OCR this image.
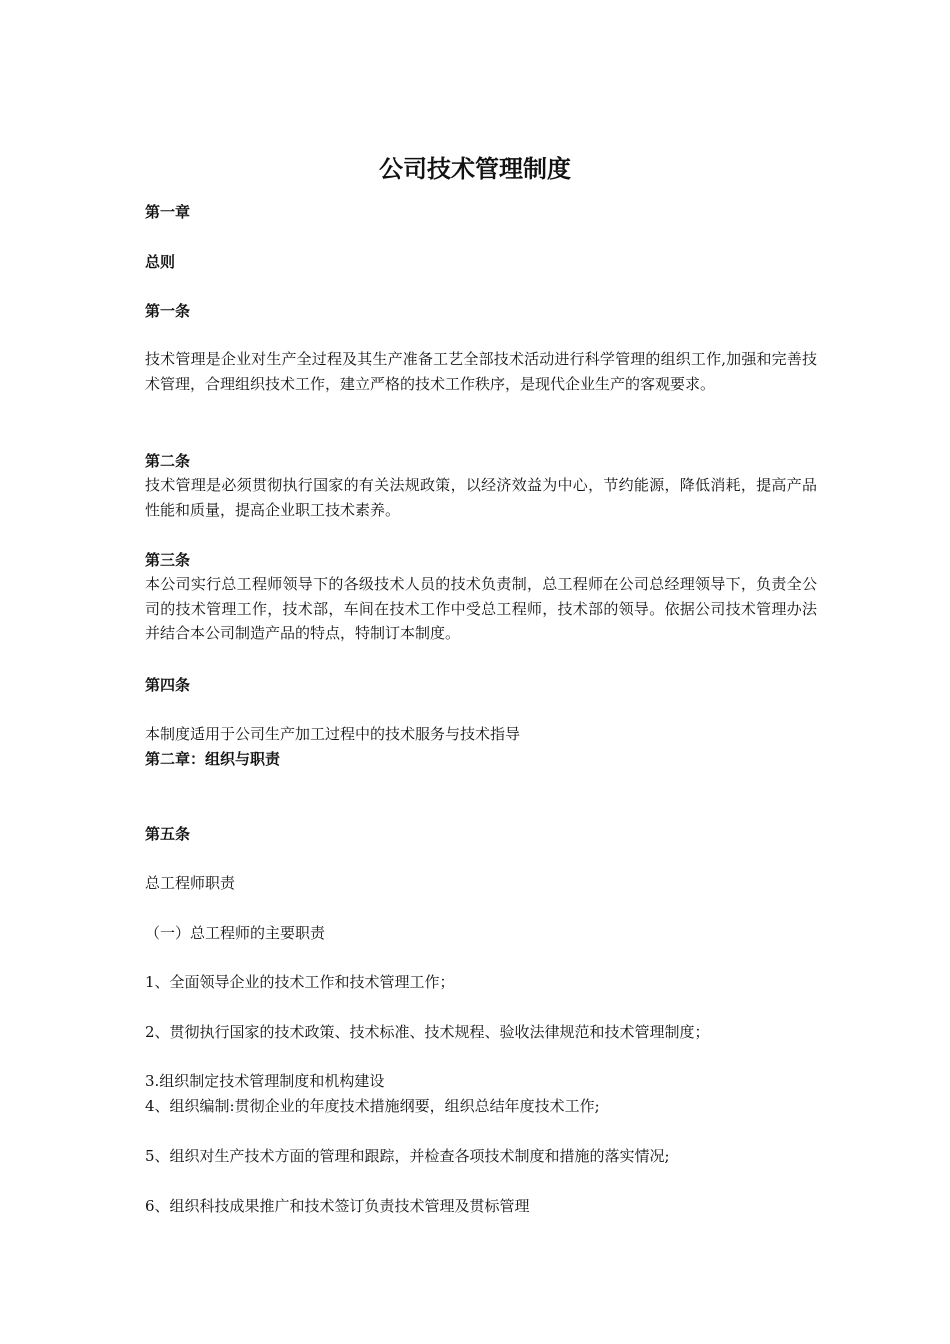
公司技术管理制度
第一章
总则
第一条
技术管理是企业对生产全过程及其生产准备工艺全部技术活动进行科学管理的组织工作,加强和完善技术管理，合理组织技术工作，建立严格的技术工作秩序，是现代企业生产的客观要求。
第二条
技术管理是必须贯彻执行国家的有关法规政策，以经济效益为中心，节约能源，降低消耗，提高产品性能和质量，提高企业职工技术素养。
第三条
本公司实行总工程师领导下的各级技术人员的技术负责制，总工程师在公司总经理领导下，负责全公司的技术管理工作，技术部，车间在技术工作中受总工程师，技术部的领导。依据公司技术管理办法并结合本公司制造产品的特点，特制订本制度。
第四条
本制度适用于公司生产加工过程中的技术服务与技术指导
第二章：组织与职责
第五条
总工程师职责
（一）总工程师的主要职责
1、全面领导企业的技术工作和技术管理工作；
2、贯彻执行国家的技术政策、技术标准、技术规程、验收法律规范和技术管理制度；
3.组织制定技术管理制度和机构建设
4、组织编制:贯彻企业的年度技术措施纲要，组织总结年度技术工作;
5、组织对生产技术方面的管理和跟踪，并检查各项技术制度和措施的落实情况;
6、组织科技成果推广和技术签订负责技术管理及贯标管理
